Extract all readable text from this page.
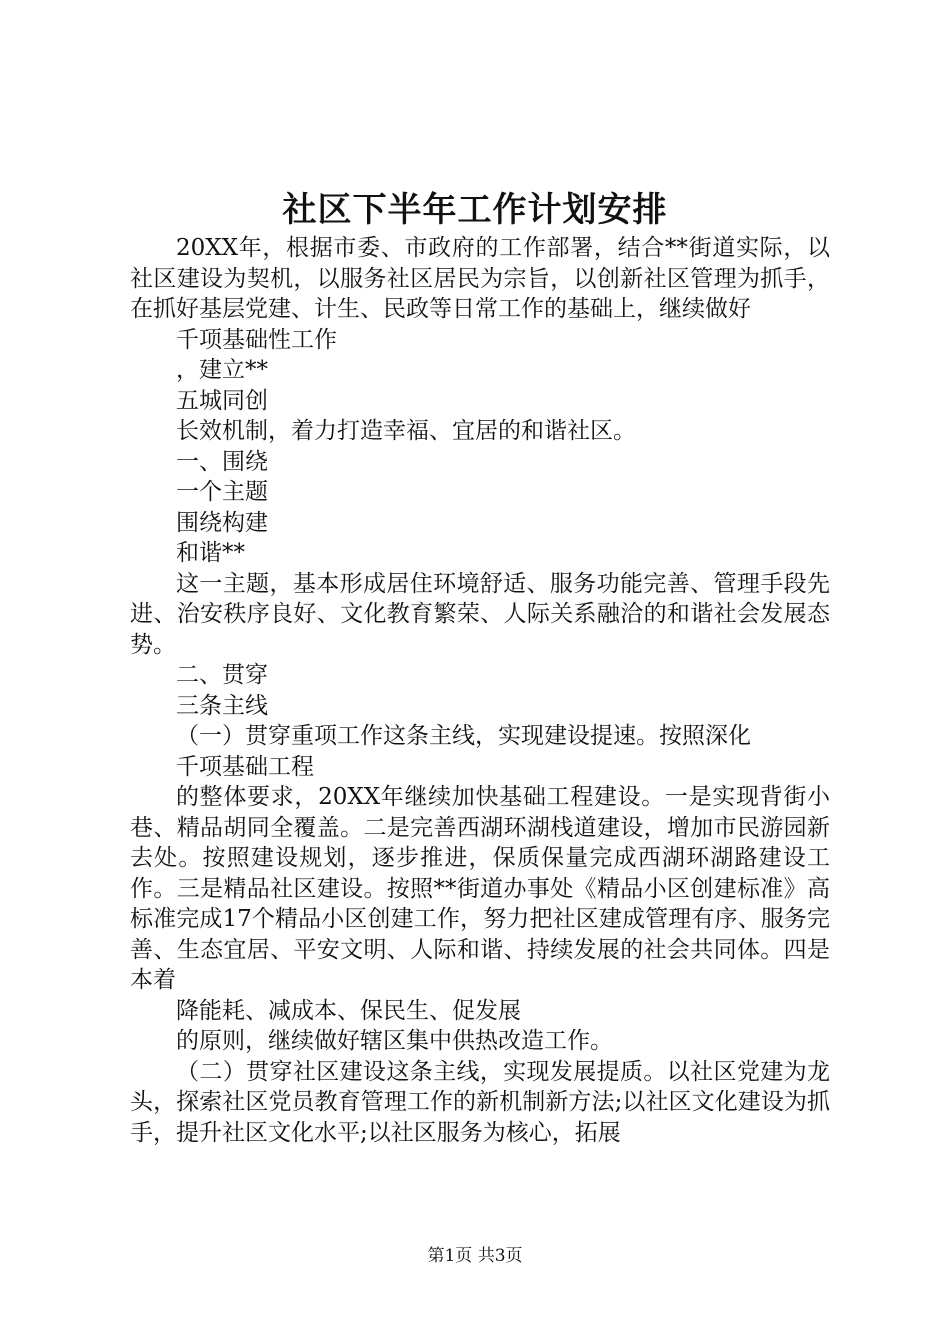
社区下半年工作计划安排

20XX年，根据市委、市政府的工作部署，结合**街道实际，以社区建设为契机，以服务社区居民为宗旨，以创新社区管理为抓手，在抓好基层党建、计生、民政等日常工作的基础上，继续做好

千项基础性工作

，建立**

五城同创

长效机制，着力打造幸福、宜居的和谐社区。

一、围绕

一个主题

围绕构建

和谐**

这一主题，基本形成居住环境舒适、服务功能完善、管理手段先进、治安秩序良好、文化教育繁荣、人际关系融洽的和谐社会发展态势。

二、贯穿

三条主线

（一）贯穿重项工作这条主线，实现建设提速。按照深化

千项基础工程

的整体要求，20XX年继续加快基础工程建设。一是实现背街小巷、精品胡同全覆盖。二是完善西湖环湖栈道建设，增加市民游园新去处。按照建设规划，逐步推进，保质保量完成西湖环湖路建设工作。三是精品社区建设。按照**街道办事处《精品小区创建标准》高标准完成17个精品小区创建工作，努力把社区建成管理有序、服务完善、生态宜居、平安文明、人际和谐、持续发展的社会共同体。四是本着

降能耗、减成本、保民生、促发展

的原则，继续做好辖区集中供热改造工作。

（二）贯穿社区建设这条主线，实现发展提质。以社区党建为龙头，探索社区党员教育管理工作的新机制新方法;以社区文化建设为抓手，提升社区文化水平;以社区服务为核心，拓展

第1页 共3页
